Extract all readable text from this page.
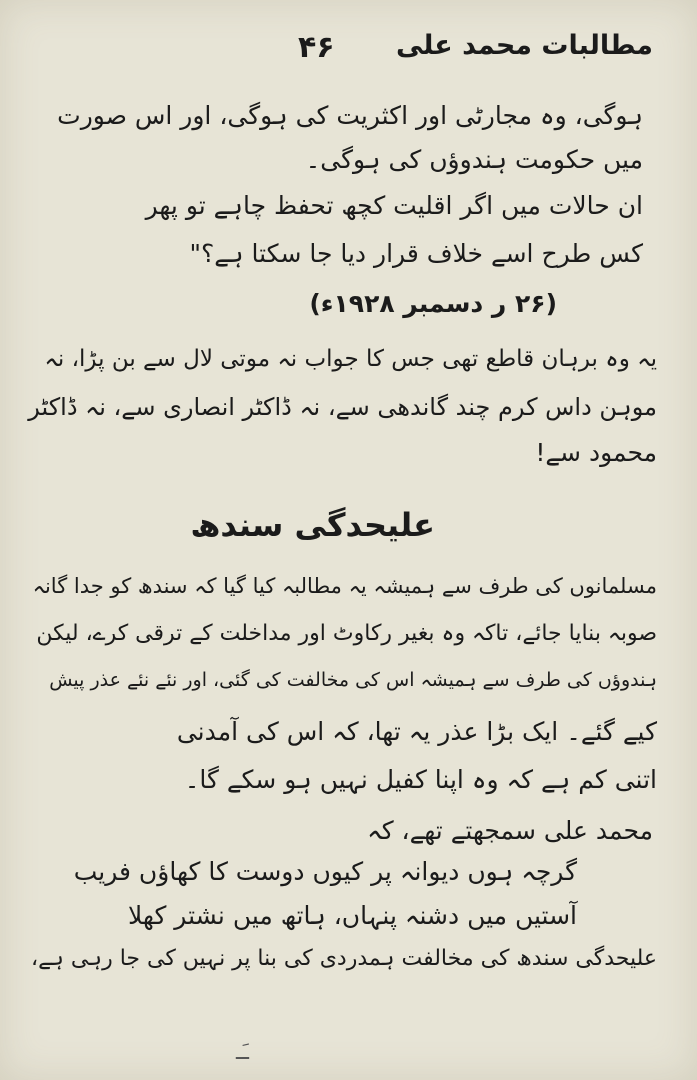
مطالبات محمد علی
۴۶
ہوگی، وہ مجارٹی اور اکثریت کی ہوگی، اور اس صورت
میں حکومت ہندوؤں کی ہوگی۔
ان حالات میں اگر اقلیت کچھ تحفظ چاہے تو پھر
کس طرح اسے خلاف قرار دیا جا سکتا ہے؟"
(۲۶ ر دسمبر ۱۹۲۸ء)
یہ وہ برہان قاطع تھی جس کا جواب نہ موتی لال سے بن پڑا، نہ
موہن داس کرم چند گاندھی سے، نہ ڈاکٹر انصاری سے، نہ ڈاکٹر
محمود سے!
علیحدگی سندھ
مسلمانوں کی طرف سے ہمیشہ یہ مطالبہ کیا گیا کہ سندھ کو جدا گانہ
صوبہ بنایا جائے، تاکہ وہ بغیر رکاوٹ اور مداخلت کے ترقی کرے، لیکن
ہندوؤں کی طرف سے ہمیشہ اس کی مخالفت کی گئی، اور نئے نئے عذر پیش
کیے گئے۔ ایک بڑا عذر یہ تھا، کہ اس کی آمدنی
اتنی کم ہے کہ وہ اپنا کفیل نہیں ہو سکے گا۔
محمد علی سمجھتے تھے، کہ
گرچہ ہوں دیوانہ پر کیوں دوست کا کھاؤں فریب
آستیں میں دشنہ پنہاں، ہاتھ میں نشتر کھلا
علیحدگی سندھ کی مخالفت ہمدردی کی بنا پر نہیں کی جا رہی ہے،
ـَـ
